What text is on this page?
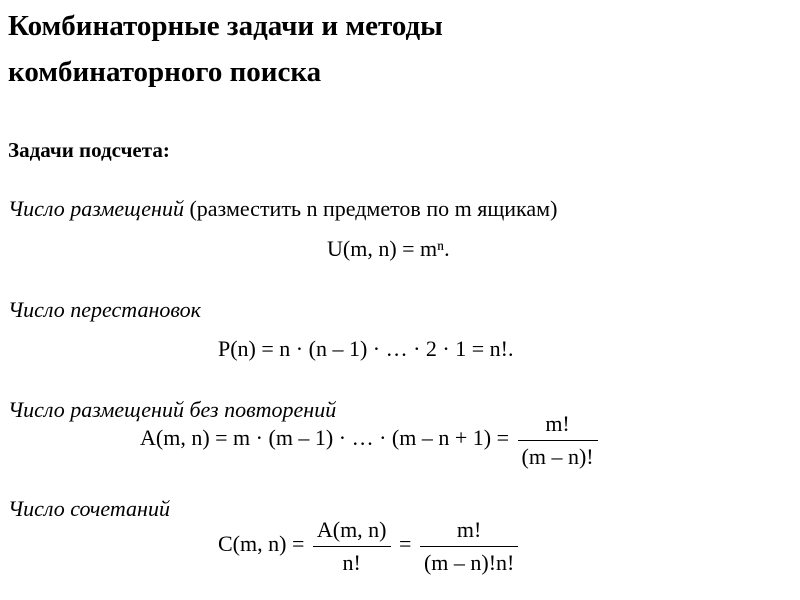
Комбинаторные задачи и методы
комбинаторного поиска
Задачи подсчета:
Число размещений (разместить n предметов по m ящикам)
U(m, n) = mⁿ.
Число перестановок
P(n) = n · (n – 1) · … · 2 · 1 = n!.
Число размещений без повторений
A(m, n) = m · (m – 1) · … · $(m - n + 1) = \frac{m!}{(m - n)!}$
Число сочетаний
C(m, $n) = \frac{A(m, n)}{n!} = \frac{m!}{(m - n)!n!}$
